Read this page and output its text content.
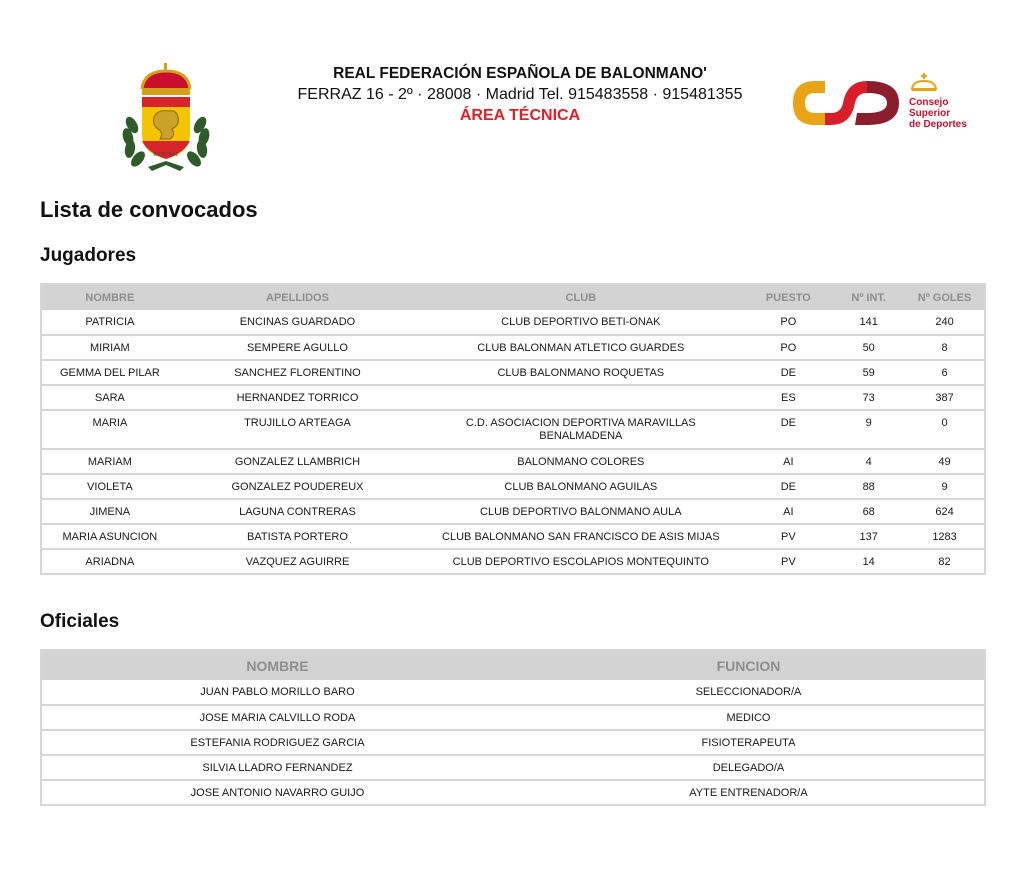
R.F.E.BM.
REAL FEDERACIÓN ESPAÑOLA DE BALONMANO'
FERRAZ 16 - 2º · 28008 · Madrid Tel. 915483558 · 915481355
ÁREA TÉCNICA
Consejo
Superior
de Deportes
Lista de convocados
Jugadores
NOMBRE	APELLIDOS	CLUB	PUESTO	Nº INT.	Nº GOLES
PATRICIA	ENCINAS GUARDADO	CLUB DEPORTIVO BETI-ONAK	PO	141	240
MIRIAM	SEMPERE AGULLO	CLUB BALONMAN ATLETICO GUARDES	PO	50	8
GEMMA DEL PILAR	SANCHEZ FLORENTINO	CLUB BALONMANO ROQUETAS	DE	59	6
SARA	HERNANDEZ TORRICO		ES	73	387
MARIA	TRUJILLO ARTEAGA	C.D. ASOCIACION DEPORTIVA MARAVILLAS
BENALMADENA	DE	9	0
MARIAM	GONZALEZ LLAMBRICH	BALONMANO COLORES	AI	4	49
VIOLETA	GONZALEZ POUDEREUX	CLUB BALONMANO AGUILAS	DE	88	9
JIMENA	LAGUNA CONTRERAS	CLUB DEPORTIVO BALONMANO AULA	AI	68	624
MARIA ASUNCION	BATISTA PORTERO	CLUB BALONMANO SAN FRANCISCO DE ASIS MIJAS	PV	137	1283
ARIADNA	VAZQUEZ AGUIRRE	CLUB DEPORTIVO ESCOLAPIOS MONTEQUINTO	PV	14	82
Oficiales
NOMBRE	FUNCION
JUAN PABLO MORILLO BARO	SELECCIONADOR/A
JOSE MARIA CALVILLO RODA	MEDICO
ESTEFANIA RODRIGUEZ GARCIA	FISIOTERAPEUTA
SILVIA LLADRO FERNANDEZ	DELEGADO/A
JOSE ANTONIO NAVARRO GUIJO	AYTE ENTRENADOR/A
